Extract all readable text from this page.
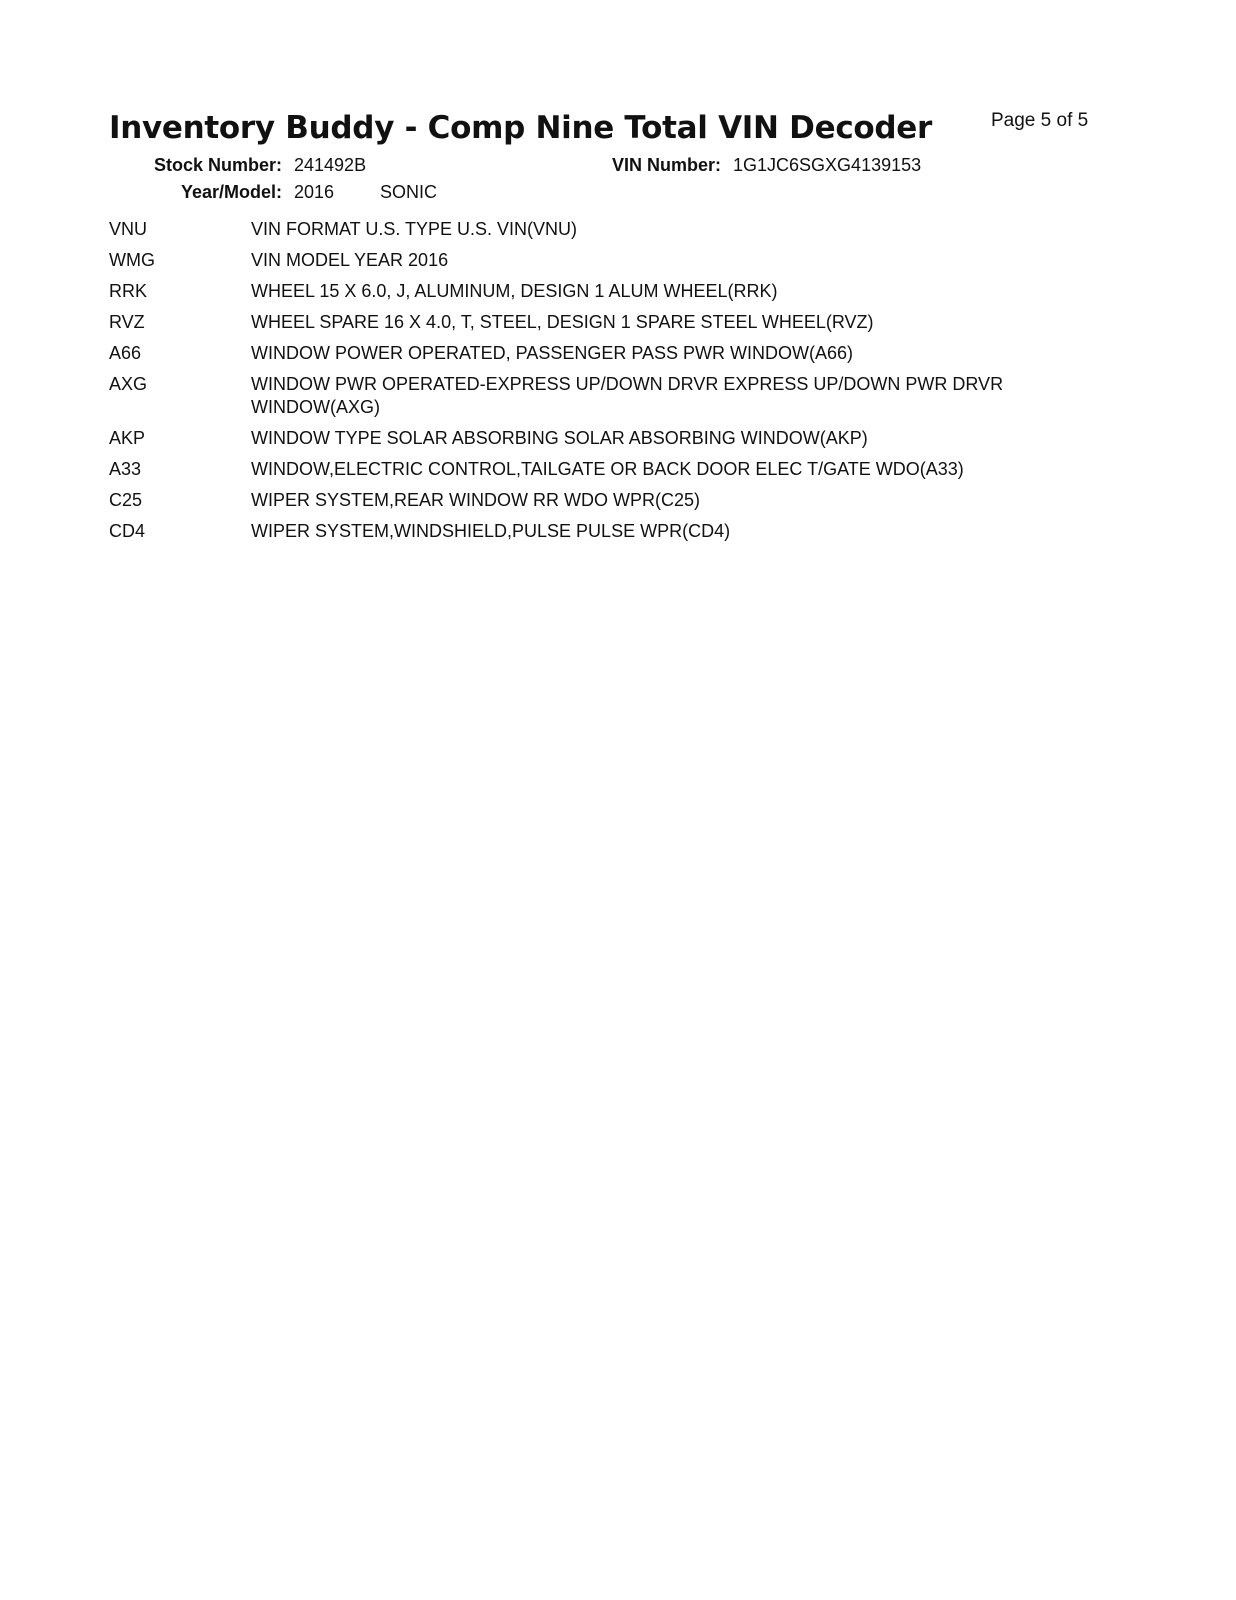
Inventory Buddy - Comp Nine Total VIN Decoder	Page 5 of 5
Stock Number: 241492B	VIN Number: 1G1JC6SGXG4139153
Year/Model: 2016	SONIC
VNU	VIN FORMAT U.S. TYPE U.S. VIN(VNU)
WMG	VIN MODEL YEAR 2016
RRK	WHEEL 15 X 6.0, J, ALUMINUM, DESIGN 1 ALUM WHEEL(RRK)
RVZ	WHEEL SPARE 16 X 4.0, T, STEEL, DESIGN 1 SPARE STEEL WHEEL(RVZ)
A66	WINDOW POWER OPERATED, PASSENGER PASS PWR WINDOW(A66)
AXG	WINDOW PWR OPERATED-EXPRESS UP/DOWN DRVR EXPRESS UP/DOWN PWR DRVR WINDOW(AXG)
AKP	WINDOW TYPE SOLAR ABSORBING SOLAR ABSORBING WINDOW(AKP)
A33	WINDOW,ELECTRIC CONTROL,TAILGATE OR BACK DOOR ELEC T/GATE WDO(A33)
C25	WIPER SYSTEM,REAR WINDOW RR WDO WPR(C25)
CD4	WIPER SYSTEM,WINDSHIELD,PULSE PULSE WPR(CD4)
